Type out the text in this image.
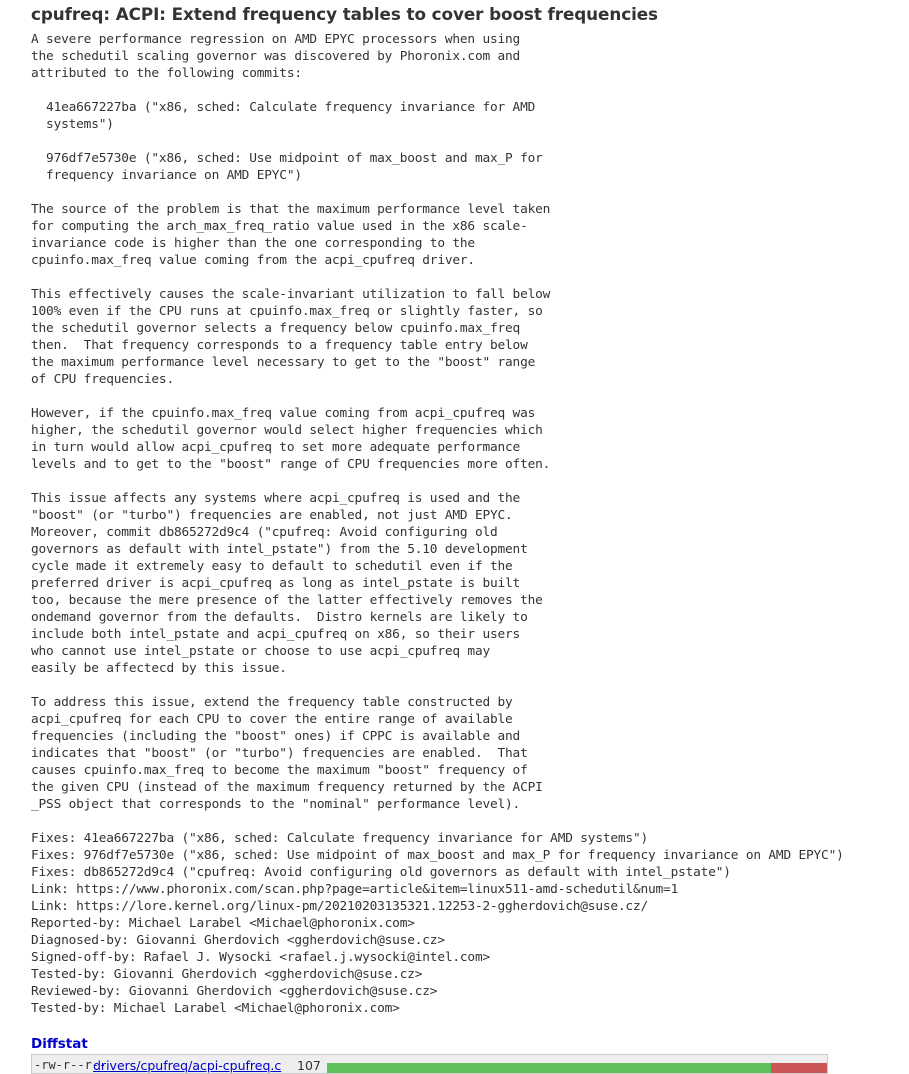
cpufreq: ACPI: Extend frequency tables to cover boost frequencies
A severe performance regression on AMD EPYC processors when using
the schedutil scaling governor was discovered by Phoronix.com and
attributed to the following commits:

41ea667227ba ("x86, sched: Calculate frequency invariance for AMD
systems")

976df7e5730e ("x86, sched: Use midpoint of max_boost and max_P for
frequency invariance on AMD EPYC")

The source of the problem is that the maximum performance level taken
for computing the arch_max_freq_ratio value used in the x86 scale-
invariance code is higher than the one corresponding to the
cpuinfo.max_freq value coming from the acpi_cpufreq driver.

This effectively causes the scale-invariant utilization to fall below
100% even if the CPU runs at cpuinfo.max_freq or slightly faster, so
the schedutil governor selects a frequency below cpuinfo.max_freq
then.  That frequency corresponds to a frequency table entry below
the maximum performance level necessary to get to the "boost" range
of CPU frequencies.

However, if the cpuinfo.max_freq value coming from acpi_cpufreq was
higher, the schedutil governor would select higher frequencies which
in turn would allow acpi_cpufreq to set more adequate performance
levels and to get to the "boost" range of CPU frequencies more often.

This issue affects any systems where acpi_cpufreq is used and the
"boost" (or "turbo") frequencies are enabled, not just AMD EPYC.
Moreover, commit db865272d9c4 ("cpufreq: Avoid configuring old
governors as default with intel_pstate") from the 5.10 development
cycle made it extremely easy to default to schedutil even if the
preferred driver is acpi_cpufreq as long as intel_pstate is built
too, because the mere presence of the latter effectively removes the
ondemand governor from the defaults.  Distro kernels are likely to
include both intel_pstate and acpi_cpufreq on x86, so their users
who cannot use intel_pstate or choose to use acpi_cpufreq may
easily be affectecd by this issue.

To address this issue, extend the frequency table constructed by
acpi_cpufreq for each CPU to cover the entire range of available
frequencies (including the "boost" ones) if CPPC is available and
indicates that "boost" (or "turbo") frequencies are enabled.  That
causes cpuinfo.max_freq to become the maximum "boost" frequency of
the given CPU (instead of the maximum frequency returned by the ACPI
_PSS object that corresponds to the "nominal" performance level).

Fixes: 41ea667227ba ("x86, sched: Calculate frequency invariance for AMD systems")
Fixes: 976df7e5730e ("x86, sched: Use midpoint of max_boost and max_P for frequency invariance on AMD EPYC")
Fixes: db865272d9c4 ("cpufreq: Avoid configuring old governors as default with intel_pstate")
Link: https://www.phoronix.com/scan.php?page=article&item=linux511-amd-schedutil&num=1
Link: https://lore.kernel.org/linux-pm/20210203135321.12253-2-ggherdovich@suse.cz/
Reported-by: Michael Larabel <Michael@phoronix.com>
Diagnosed-by: Giovanni Gherdovich <ggherdovich@suse.cz>
Signed-off-by: Rafael J. Wysocki <rafael.j.wysocki@intel.com>
Tested-by: Giovanni Gherdovich <ggherdovich@suse.cz>
Reviewed-by: Giovanni Gherdovich <ggherdovich@suse.cz>
Tested-by: Michael Larabel <Michael@phoronix.com>
Diffstat
-rw-r--r--
drivers/cpufreq/acpi-cpufreq.c 107
